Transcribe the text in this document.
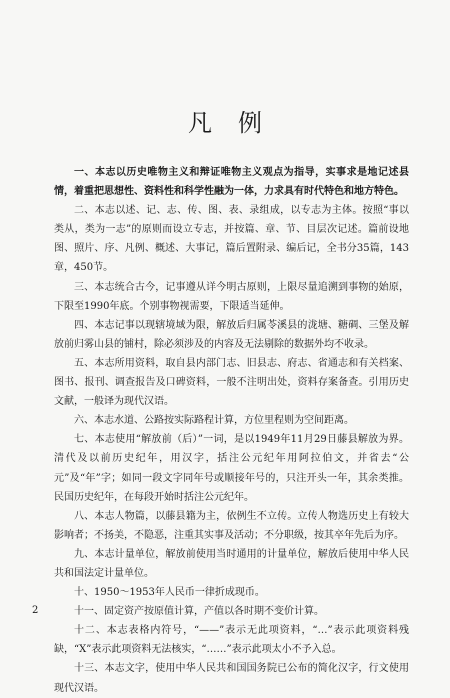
凡例

一、本志以历史唯物主义和辩证唯物主义观点为指导，实事求是地记述县情，着重把思想性、资料性和科学性融为一体，力求具有时代特色和地方特色。

二、本志以述、记、志、传、图、表、录组成，以专志为主体。按照“事以类从，类为一志”的原则而设立专志，并按篇、章、节、目层次记述。篇前设地图、照片、序、凡例、概述、大事记，篇后置附录、编后记，全书分35篇，143章，450节。

三、本志统合古今，记事遵从详今明古原则，上限尽量追溯到事物的始原，下限至1990年底。个别事物视需要，下限适当延伸。

四、本志记事以现辖境域为限，解放后归属苓溪县的泷塘、糖碉、三堡及解放前归雾山县的铺村，除必须涉及的内容及无法剔除的数据外均不收录。

五、本志所用资料，取自县内部门志、旧县志、府志、省通志和有关档案、图书、报刊、调查报告及口碑资料，一般不注明出处，资料存案备查。引用历史文献，一般译为现代汉语。

六、本志水道、公路按实际路程计算，方位里程则为空间距离。

七、本志使用“解放前（后）”一词，是以1949年11月29日藤县解放为界。清代及以前历史纪年，用汉字，括注公元纪年用阿拉伯文，并省去“公元”及“年”字；如同一段文字同年号或顺接年号的，只注开头一年，其余类推。民国历史纪年，在每段开始时括注公元纪年。

八、本志人物篇，以藤县籍为主，依例生不立传。立传人物选历史上有较大影响者；不扬美，不隐恶，注重其实事及活动；不分职级，按其卒年先后为序。

九、本志计量单位，解放前使用当时通用的计量单位，解放后使用中华人民共和国法定计量单位。

十、1950～1953年人民币一律折成现币。

十一、固定资产按原值计算，产值以各时期不变价计算。

十二、本志表格内符号，“——”表示无此项资料，“…”表示此项资料残缺，“X”表示此项资料无法核实，“……”表示此项太小不予入总。

十三、本志文字，使用中华人民共和国国务院已公布的简化汉字，行文使用现代汉语。

2
